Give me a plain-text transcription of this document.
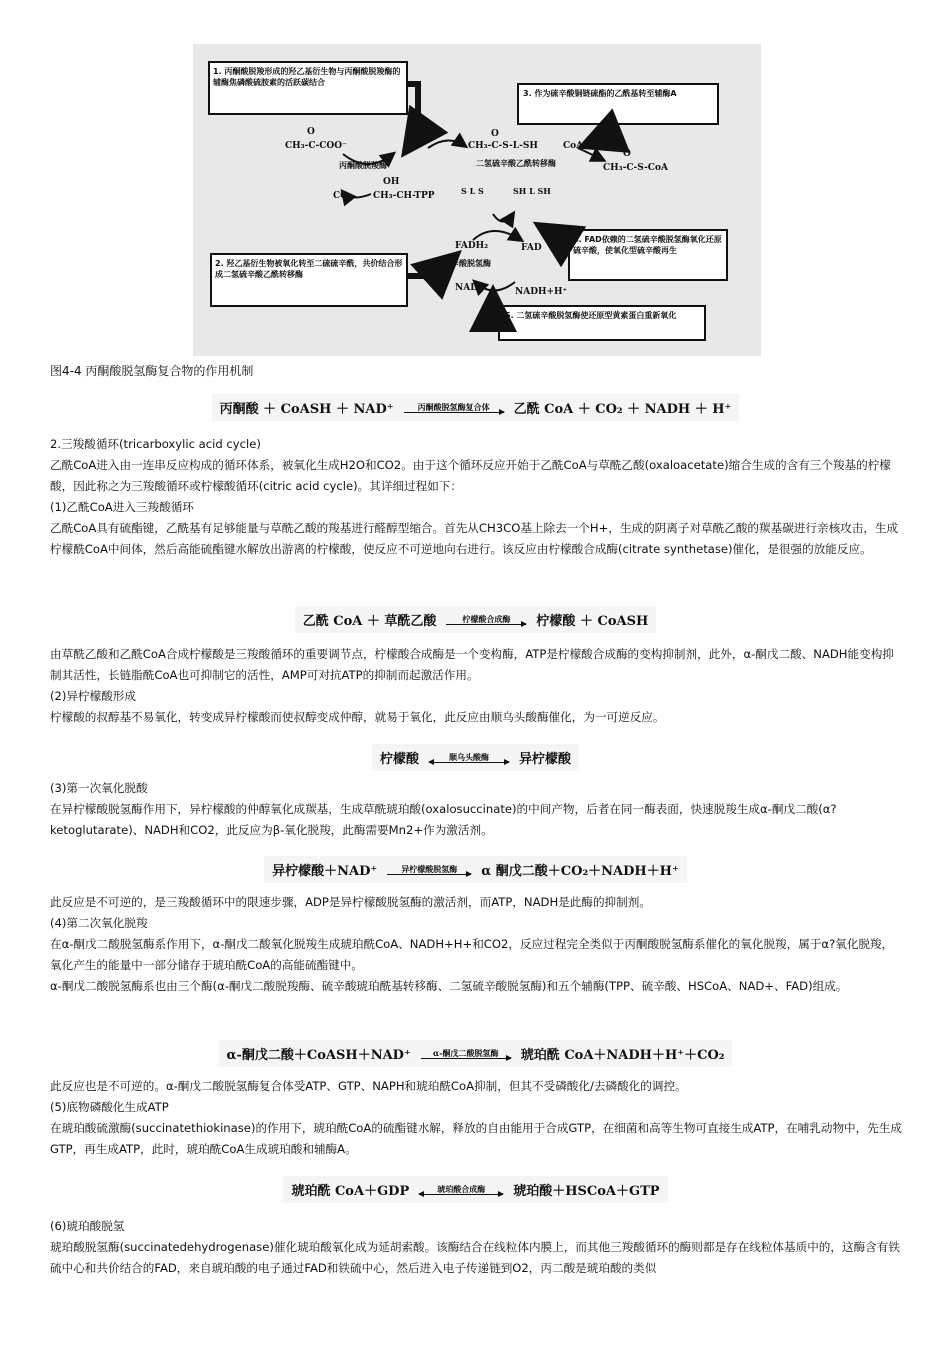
1. 丙酮酸脱羧形成的羟乙基衍生物与丙酮酸脱羧酶的辅酶焦磷酸硫胺素的活跃碳结合
3. 作为硫辛酸铜链硫酯的乙酰基转至辅酶A
2. 羟乙基衍生物被氧化转至二硫硫辛酰，共价结合形成二氢硫辛酸乙酰转移酶
4. FAD依赖的二氢硫辛酸脱氢酶氧化还原硫辛酸，使氧化型硫辛酸再生
5. 二氢硫辛酸脱氢酶使还原型黄素蛋白重新氧化
O
CH₃-C-COO⁻	TPP
丙酮酸脱羧酶
OH
CO₂ CH₃-CH-TPP
O
CH₃-C-S-L-SH	CoA
二氢硫辛酸乙酰转移酶
O
CH₃-C-S-CoA
S L S	SH L SH
FADH₂	FAD
二氢硫辛酸脱氢酶
NAD⁺	NADH+H⁺
图4-4 丙酮酸脱氢酶复合物的作用机制
丙酮酸 ＋ CoASH ＋ NAD⁺	丙酮酸脱氢酶复合体 乙酰 CoA ＋ CO₂ ＋ NADH ＋ H⁺

2.三羧酸循环(tricarboxylic acid cycle)

乙酰CoA进入由一连串反应构成的循环体系，被氧化生成H2O和CO2。由于这个循环反应开始于乙酰CoA与草酰乙酸(oxaloacetate)缩合生成的含有三个羧基的柠檬酸，因此称之为三羧酸循环或柠檬酸循环(citric acid cycle)。其详细过程如下：

(1)乙酰CoA进入三羧酸循环

乙酰CoA具有硫酯键，乙酰基有足够能量与草酰乙酸的羧基进行醛醇型缩合。首先从CH3CO基上除去一个H+，生成的阴离子对草酰乙酸的羰基碳进行亲核攻击，生成柠檬酰CoA中间体，然后高能硫酯键水解放出游离的柠檬酸，使反应不可逆地向右进行。该反应由柠檬酸合成酶(citrate synthetase)催化，是很强的放能反应。

乙酰 CoA ＋ 草酰乙酸	柠檬酸合成酶 柠檬酸 ＋ CoASH

由草酰乙酸和乙酰CoA合成柠檬酸是三羧酸循环的重要调节点，柠檬酸合成酶是一个变构酶，ATP是柠檬酸合成酶的变构抑制剂，此外，α-酮戊二酸、NADH能变构抑制其活性，长链脂酰CoA也可抑制它的活性，AMP可对抗ATP的抑制而起激活作用。

(2)异柠檬酸形成

柠檬酸的叔醇基不易氧化，转变成异柠檬酸而使叔醇变成仲醇，就易于氧化，此反应由顺乌头酸酶催化，为一可逆反应。

柠檬酸	顺乌头酸酶 异柠檬酸

(3)第一次氧化脱酸

在异柠檬酸脱氢酶作用下，异柠檬酸的仲醇氧化成羰基，生成草酰琥珀酸(oxalosuccinate)的中间产物，后者在同一酶表面，快速脱羧生成α-酮戊二酸(α?ketoglutarate)、NADH和CO2，此反应为β-氧化脱羧，此酶需要Mn2+作为激活剂。

异柠檬酸＋NAD⁺	异柠檬酸脱氢酶 α 酮戊二酸＋CO₂＋NADH＋H⁺

此反应是不可逆的，是三羧酸循环中的限速步骤，ADP是异柠檬酸脱氢酶的激活剂，而ATP，NADH是此酶的抑制剂。

(4)第二次氧化脱羧

在α-酮戊二酸脱氢酶系作用下，α-酮戊二酸氧化脱羧生成琥珀酰CoA、NADH+H+和CO2，反应过程完全类似于丙酮酸脱氢酶系催化的氧化脱羧，属于α?氧化脱羧，氧化产生的能量中一部分储存于琥珀酰CoA的高能硫酯键中。

α-酮戊二酸脱氢酶系也由三个酶(α-酮戊二酸脱羧酶、硫辛酸琥珀酰基转移酶、二氢硫辛酸脱氢酶)和五个辅酶(TPP、硫辛酸、HSCoA、NAD+、FAD)组成。

α-酮戊二酸＋CoASH＋NAD⁺	α-酮戊二酸脱氢酶 琥珀酰 CoA＋NADH＋H⁺＋CO₂

此反应也是不可逆的。α-酮戊二酸脱氢酶复合体受ATP、GTP、NAPH和琥珀酰CoA抑制，但其不受磷酸化/去磷酸化的调控。

(5)底物磷酸化生成ATP

在琥珀酸硫激酶(succinatethiokinase)的作用下，琥珀酰CoA的硫酯键水解，释放的自由能用于合成GTP，在细菌和高等生物可直接生成ATP，在哺乳动物中，先生成GTP，再生成ATP，此时，琥珀酰CoA生成琥珀酸和辅酶A。

琥珀酰 CoA＋GDP	琥珀酸合成酶 琥珀酸＋HSCoA＋GTP

(6)琥珀酸脱氢

琥珀酸脱氢酶(succinatedehydrogenase)催化琥珀酸氧化成为延胡索酸。该酶结合在线粒体内膜上，而其他三羧酸循环的酶则都是存在线粒体基质中的，这酶含有铁硫中心和共价结合的FAD，来自琥珀酸的电子通过FAD和铁硫中心，然后进入电子传递链到O2，丙二酸是琥珀酸的类似
